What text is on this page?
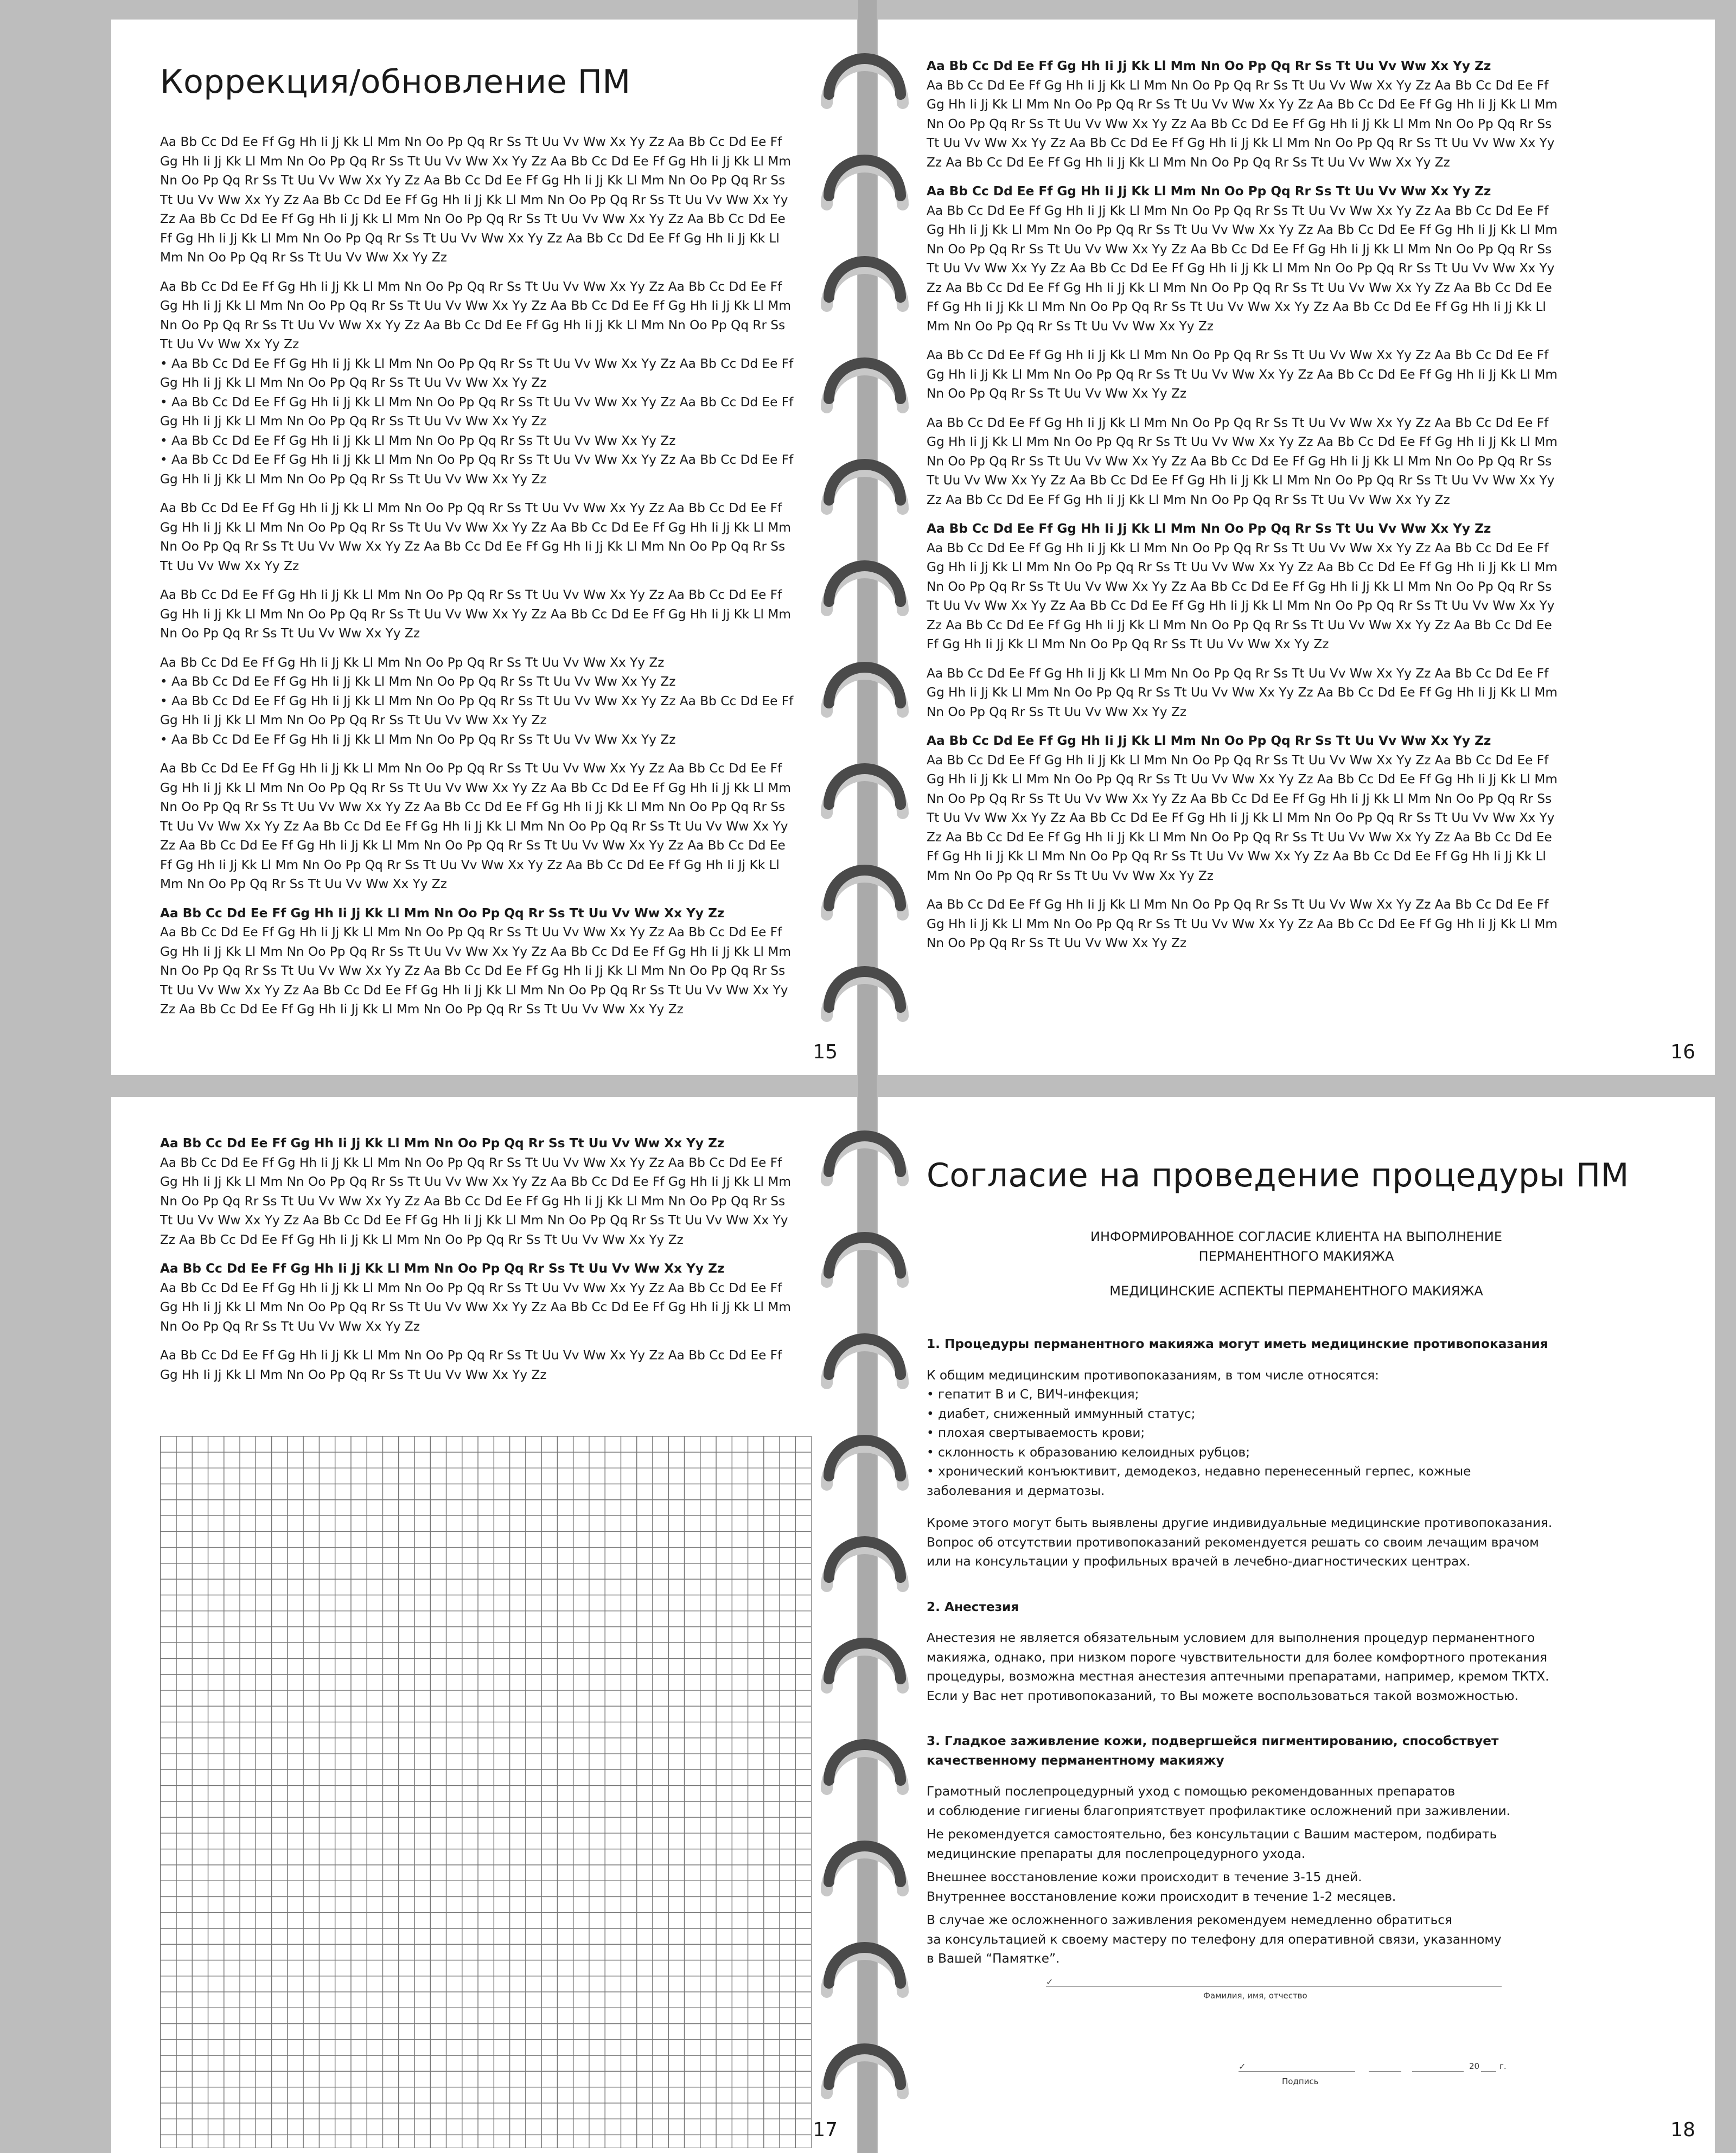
Коррекция/обновление ПМ

Aa Bb Cc Dd Ee Ff Gg Hh Ii Jj Kk Ll Mm Nn Oo Pp Qq Rr Ss Tt Uu Vv Ww Xx Yy Zz Aa Bb Cc Dd Ee Ff
Gg Hh Ii Jj Kk Ll Mm Nn Oo Pp Qq Rr Ss Tt Uu Vv Ww Xx Yy Zz Aa Bb Cc Dd Ee Ff Gg Hh Ii Jj Kk Ll Mm
Nn Oo Pp Qq Rr Ss Tt Uu Vv Ww Xx Yy Zz Aa Bb Cc Dd Ee Ff Gg Hh Ii Jj Kk Ll Mm Nn Oo Pp Qq Rr Ss
Tt Uu Vv Ww Xx Yy Zz Aa Bb Cc Dd Ee Ff Gg Hh Ii Jj Kk Ll Mm Nn Oo Pp Qq Rr Ss Tt Uu Vv Ww Xx Yy
Zz Aa Bb Cc Dd Ee Ff Gg Hh Ii Jj Kk Ll Mm Nn Oo Pp Qq Rr Ss Tt Uu Vv Ww Xx Yy Zz Aa Bb Cc Dd Ee
Ff Gg Hh Ii Jj Kk Ll Mm Nn Oo Pp Qq Rr Ss Tt Uu Vv Ww Xx Yy Zz Aa Bb Cc Dd Ee Ff Gg Hh Ii Jj Kk Ll
Mm Nn Oo Pp Qq Rr Ss Tt Uu Vv Ww Xx Yy Zz

Aa Bb Cc Dd Ee Ff Gg Hh Ii Jj Kk Ll Mm Nn Oo Pp Qq Rr Ss Tt Uu Vv Ww Xx Yy Zz Aa Bb Cc Dd Ee Ff
Gg Hh Ii Jj Kk Ll Mm Nn Oo Pp Qq Rr Ss Tt Uu Vv Ww Xx Yy Zz Aa Bb Cc Dd Ee Ff Gg Hh Ii Jj Kk Ll Mm
Nn Oo Pp Qq Rr Ss Tt Uu Vv Ww Xx Yy Zz Aa Bb Cc Dd Ee Ff Gg Hh Ii Jj Kk Ll Mm Nn Oo Pp Qq Rr Ss
Tt Uu Vv Ww Xx Yy Zz

• Aa Bb Cc Dd Ee Ff Gg Hh Ii Jj Kk Ll Mm Nn Oo Pp Qq Rr Ss Tt Uu Vv Ww Xx Yy Zz Aa Bb Cc Dd Ee Ff
Gg Hh Ii Jj Kk Ll Mm Nn Oo Pp Qq Rr Ss Tt Uu Vv Ww Xx Yy Zz
• Aa Bb Cc Dd Ee Ff Gg Hh Ii Jj Kk Ll Mm Nn Oo Pp Qq Rr Ss Tt Uu Vv Ww Xx Yy Zz Aa Bb Cc Dd Ee Ff
Gg Hh Ii Jj Kk Ll Mm Nn Oo Pp Qq Rr Ss Tt Uu Vv Ww Xx Yy Zz
• Aa Bb Cc Dd Ee Ff Gg Hh Ii Jj Kk Ll Mm Nn Oo Pp Qq Rr Ss Tt Uu Vv Ww Xx Yy Zz
• Aa Bb Cc Dd Ee Ff Gg Hh Ii Jj Kk Ll Mm Nn Oo Pp Qq Rr Ss Tt Uu Vv Ww Xx Yy Zz Aa Bb Cc Dd Ee Ff
Gg Hh Ii Jj Kk Ll Mm Nn Oo Pp Qq Rr Ss Tt Uu Vv Ww Xx Yy Zz

Aa Bb Cc Dd Ee Ff Gg Hh Ii Jj Kk Ll Mm Nn Oo Pp Qq Rr Ss Tt Uu Vv Ww Xx Yy Zz Aa Bb Cc Dd Ee Ff
Gg Hh Ii Jj Kk Ll Mm Nn Oo Pp Qq Rr Ss Tt Uu Vv Ww Xx Yy Zz Aa Bb Cc Dd Ee Ff Gg Hh Ii Jj Kk Ll Mm
Nn Oo Pp Qq Rr Ss Tt Uu Vv Ww Xx Yy Zz Aa Bb Cc Dd Ee Ff Gg Hh Ii Jj Kk Ll Mm Nn Oo Pp Qq Rr Ss
Tt Uu Vv Ww Xx Yy Zz

Aa Bb Cc Dd Ee Ff Gg Hh Ii Jj Kk Ll Mm Nn Oo Pp Qq Rr Ss Tt Uu Vv Ww Xx Yy Zz Aa Bb Cc Dd Ee Ff
Gg Hh Ii Jj Kk Ll Mm Nn Oo Pp Qq Rr Ss Tt Uu Vv Ww Xx Yy Zz Aa Bb Cc Dd Ee Ff Gg Hh Ii Jj Kk Ll Mm
Nn Oo Pp Qq Rr Ss Tt Uu Vv Ww Xx Yy Zz

Aa Bb Cc Dd Ee Ff Gg Hh Ii Jj Kk Ll Mm Nn Oo Pp Qq Rr Ss Tt Uu Vv Ww Xx Yy Zz
• Aa Bb Cc Dd Ee Ff Gg Hh Ii Jj Kk Ll Mm Nn Oo Pp Qq Rr Ss Tt Uu Vv Ww Xx Yy Zz
• Aa Bb Cc Dd Ee Ff Gg Hh Ii Jj Kk Ll Mm Nn Oo Pp Qq Rr Ss Tt Uu Vv Ww Xx Yy Zz Aa Bb Cc Dd Ee Ff
Gg Hh Ii Jj Kk Ll Mm Nn Oo Pp Qq Rr Ss Tt Uu Vv Ww Xx Yy Zz
• Aa Bb Cc Dd Ee Ff Gg Hh Ii Jj Kk Ll Mm Nn Oo Pp Qq Rr Ss Tt Uu Vv Ww Xx Yy Zz

Aa Bb Cc Dd Ee Ff Gg Hh Ii Jj Kk Ll Mm Nn Oo Pp Qq Rr Ss Tt Uu Vv Ww Xx Yy Zz Aa Bb Cc Dd Ee Ff
Gg Hh Ii Jj Kk Ll Mm Nn Oo Pp Qq Rr Ss Tt Uu Vv Ww Xx Yy Zz Aa Bb Cc Dd Ee Ff Gg Hh Ii Jj Kk Ll Mm
Nn Oo Pp Qq Rr Ss Tt Uu Vv Ww Xx Yy Zz Aa Bb Cc Dd Ee Ff Gg Hh Ii Jj Kk Ll Mm Nn Oo Pp Qq Rr Ss
Tt Uu Vv Ww Xx Yy Zz Aa Bb Cc Dd Ee Ff Gg Hh Ii Jj Kk Ll Mm Nn Oo Pp Qq Rr Ss Tt Uu Vv Ww Xx Yy
Zz Aa Bb Cc Dd Ee Ff Gg Hh Ii Jj Kk Ll Mm Nn Oo Pp Qq Rr Ss Tt Uu Vv Ww Xx Yy Zz Aa Bb Cc Dd Ee
Ff Gg Hh Ii Jj Kk Ll Mm Nn Oo Pp Qq Rr Ss Tt Uu Vv Ww Xx Yy Zz Aa Bb Cc Dd Ee Ff Gg Hh Ii Jj Kk Ll
Mm Nn Oo Pp Qq Rr Ss Tt Uu Vv Ww Xx Yy Zz

Aa Bb Cc Dd Ee Ff Gg Hh Ii Jj Kk Ll Mm Nn Oo Pp Qq Rr Ss Tt Uu Vv Ww Xx Yy Zz

Aa Bb Cc Dd Ee Ff Gg Hh Ii Jj Kk Ll Mm Nn Oo Pp Qq Rr Ss Tt Uu Vv Ww Xx Yy Zz Aa Bb Cc Dd Ee Ff
Gg Hh Ii Jj Kk Ll Mm Nn Oo Pp Qq Rr Ss Tt Uu Vv Ww Xx Yy Zz Aa Bb Cc Dd Ee Ff Gg Hh Ii Jj Kk Ll Mm
Nn Oo Pp Qq Rr Ss Tt Uu Vv Ww Xx Yy Zz Aa Bb Cc Dd Ee Ff Gg Hh Ii Jj Kk Ll Mm Nn Oo Pp Qq Rr Ss
Tt Uu Vv Ww Xx Yy Zz Aa Bb Cc Dd Ee Ff Gg Hh Ii Jj Kk Ll Mm Nn Oo Pp Qq Rr Ss Tt Uu Vv Ww Xx Yy
Zz Aa Bb Cc Dd Ee Ff Gg Hh Ii Jj Kk Ll Mm Nn Oo Pp Qq Rr Ss Tt Uu Vv Ww Xx Yy Zz

15

Aa Bb Cc Dd Ee Ff Gg Hh Ii Jj Kk Ll Mm Nn Oo Pp Qq Rr Ss Tt Uu Vv Ww Xx Yy Zz

Aa Bb Cc Dd Ee Ff Gg Hh Ii Jj Kk Ll Mm Nn Oo Pp Qq Rr Ss Tt Uu Vv Ww Xx Yy Zz Aa Bb Cc Dd Ee Ff
Gg Hh Ii Jj Kk Ll Mm Nn Oo Pp Qq Rr Ss Tt Uu Vv Ww Xx Yy Zz Aa Bb Cc Dd Ee Ff Gg Hh Ii Jj Kk Ll Mm
Nn Oo Pp Qq Rr Ss Tt Uu Vv Ww Xx Yy Zz Aa Bb Cc Dd Ee Ff Gg Hh Ii Jj Kk Ll Mm Nn Oo Pp Qq Rr Ss
Tt Uu Vv Ww Xx Yy Zz Aa Bb Cc Dd Ee Ff Gg Hh Ii Jj Kk Ll Mm Nn Oo Pp Qq Rr Ss Tt Uu Vv Ww Xx Yy
Zz Aa Bb Cc Dd Ee Ff Gg Hh Ii Jj Kk Ll Mm Nn Oo Pp Qq Rr Ss Tt Uu Vv Ww Xx Yy Zz

Aa Bb Cc Dd Ee Ff Gg Hh Ii Jj Kk Ll Mm Nn Oo Pp Qq Rr Ss Tt Uu Vv Ww Xx Yy Zz

Aa Bb Cc Dd Ee Ff Gg Hh Ii Jj Kk Ll Mm Nn Oo Pp Qq Rr Ss Tt Uu Vv Ww Xx Yy Zz Aa Bb Cc Dd Ee Ff
Gg Hh Ii Jj Kk Ll Mm Nn Oo Pp Qq Rr Ss Tt Uu Vv Ww Xx Yy Zz Aa Bb Cc Dd Ee Ff Gg Hh Ii Jj Kk Ll Mm
Nn Oo Pp Qq Rr Ss Tt Uu Vv Ww Xx Yy Zz Aa Bb Cc Dd Ee Ff Gg Hh Ii Jj Kk Ll Mm Nn Oo Pp Qq Rr Ss
Tt Uu Vv Ww Xx Yy Zz Aa Bb Cc Dd Ee Ff Gg Hh Ii Jj Kk Ll Mm Nn Oo Pp Qq Rr Ss Tt Uu Vv Ww Xx Yy
Zz Aa Bb Cc Dd Ee Ff Gg Hh Ii Jj Kk Ll Mm Nn Oo Pp Qq Rr Ss Tt Uu Vv Ww Xx Yy Zz Aa Bb Cc Dd Ee
Ff Gg Hh Ii Jj Kk Ll Mm Nn Oo Pp Qq Rr Ss Tt Uu Vv Ww Xx Yy Zz Aa Bb Cc Dd Ee Ff Gg Hh Ii Jj Kk Ll
Mm Nn Oo Pp Qq Rr Ss Tt Uu Vv Ww Xx Yy Zz

Aa Bb Cc Dd Ee Ff Gg Hh Ii Jj Kk Ll Mm Nn Oo Pp Qq Rr Ss Tt Uu Vv Ww Xx Yy Zz Aa Bb Cc Dd Ee Ff
Gg Hh Ii Jj Kk Ll Mm Nn Oo Pp Qq Rr Ss Tt Uu Vv Ww Xx Yy Zz Aa Bb Cc Dd Ee Ff Gg Hh Ii Jj Kk Ll Mm
Nn Oo Pp Qq Rr Ss Tt Uu Vv Ww Xx Yy Zz

Aa Bb Cc Dd Ee Ff Gg Hh Ii Jj Kk Ll Mm Nn Oo Pp Qq Rr Ss Tt Uu Vv Ww Xx Yy Zz Aa Bb Cc Dd Ee Ff
Gg Hh Ii Jj Kk Ll Mm Nn Oo Pp Qq Rr Ss Tt Uu Vv Ww Xx Yy Zz Aa Bb Cc Dd Ee Ff Gg Hh Ii Jj Kk Ll Mm
Nn Oo Pp Qq Rr Ss Tt Uu Vv Ww Xx Yy Zz Aa Bb Cc Dd Ee Ff Gg Hh Ii Jj Kk Ll Mm Nn Oo Pp Qq Rr Ss
Tt Uu Vv Ww Xx Yy Zz Aa Bb Cc Dd Ee Ff Gg Hh Ii Jj Kk Ll Mm Nn Oo Pp Qq Rr Ss Tt Uu Vv Ww Xx Yy
Zz Aa Bb Cc Dd Ee Ff Gg Hh Ii Jj Kk Ll Mm Nn Oo Pp Qq Rr Ss Tt Uu Vv Ww Xx Yy Zz

Aa Bb Cc Dd Ee Ff Gg Hh Ii Jj Kk Ll Mm Nn Oo Pp Qq Rr Ss Tt Uu Vv Ww Xx Yy Zz

Aa Bb Cc Dd Ee Ff Gg Hh Ii Jj Kk Ll Mm Nn Oo Pp Qq Rr Ss Tt Uu Vv Ww Xx Yy Zz Aa Bb Cc Dd Ee Ff
Gg Hh Ii Jj Kk Ll Mm Nn Oo Pp Qq Rr Ss Tt Uu Vv Ww Xx Yy Zz Aa Bb Cc Dd Ee Ff Gg Hh Ii Jj Kk Ll Mm
Nn Oo Pp Qq Rr Ss Tt Uu Vv Ww Xx Yy Zz Aa Bb Cc Dd Ee Ff Gg Hh Ii Jj Kk Ll Mm Nn Oo Pp Qq Rr Ss
Tt Uu Vv Ww Xx Yy Zz Aa Bb Cc Dd Ee Ff Gg Hh Ii Jj Kk Ll Mm Nn Oo Pp Qq Rr Ss Tt Uu Vv Ww Xx Yy
Zz Aa Bb Cc Dd Ee Ff Gg Hh Ii Jj Kk Ll Mm Nn Oo Pp Qq Rr Ss Tt Uu Vv Ww Xx Yy Zz Aa Bb Cc Dd Ee
Ff Gg Hh Ii Jj Kk Ll Mm Nn Oo Pp Qq Rr Ss Tt Uu Vv Ww Xx Yy Zz

Aa Bb Cc Dd Ee Ff Gg Hh Ii Jj Kk Ll Mm Nn Oo Pp Qq Rr Ss Tt Uu Vv Ww Xx Yy Zz Aa Bb Cc Dd Ee Ff
Gg Hh Ii Jj Kk Ll Mm Nn Oo Pp Qq Rr Ss Tt Uu Vv Ww Xx Yy Zz Aa Bb Cc Dd Ee Ff Gg Hh Ii Jj Kk Ll Mm
Nn Oo Pp Qq Rr Ss Tt Uu Vv Ww Xx Yy Zz

Aa Bb Cc Dd Ee Ff Gg Hh Ii Jj Kk Ll Mm Nn Oo Pp Qq Rr Ss Tt Uu Vv Ww Xx Yy Zz

Aa Bb Cc Dd Ee Ff Gg Hh Ii Jj Kk Ll Mm Nn Oo Pp Qq Rr Ss Tt Uu Vv Ww Xx Yy Zz Aa Bb Cc Dd Ee Ff
Gg Hh Ii Jj Kk Ll Mm Nn Oo Pp Qq Rr Ss Tt Uu Vv Ww Xx Yy Zz Aa Bb Cc Dd Ee Ff Gg Hh Ii Jj Kk Ll Mm
Nn Oo Pp Qq Rr Ss Tt Uu Vv Ww Xx Yy Zz Aa Bb Cc Dd Ee Ff Gg Hh Ii Jj Kk Ll Mm Nn Oo Pp Qq Rr Ss
Tt Uu Vv Ww Xx Yy Zz Aa Bb Cc Dd Ee Ff Gg Hh Ii Jj Kk Ll Mm Nn Oo Pp Qq Rr Ss Tt Uu Vv Ww Xx Yy
Zz Aa Bb Cc Dd Ee Ff Gg Hh Ii Jj Kk Ll Mm Nn Oo Pp Qq Rr Ss Tt Uu Vv Ww Xx Yy Zz Aa Bb Cc Dd Ee
Ff Gg Hh Ii Jj Kk Ll Mm Nn Oo Pp Qq Rr Ss Tt Uu Vv Ww Xx Yy Zz Aa Bb Cc Dd Ee Ff Gg Hh Ii Jj Kk Ll
Mm Nn Oo Pp Qq Rr Ss Tt Uu Vv Ww Xx Yy Zz

Aa Bb Cc Dd Ee Ff Gg Hh Ii Jj Kk Ll Mm Nn Oo Pp Qq Rr Ss Tt Uu Vv Ww Xx Yy Zz Aa Bb Cc Dd Ee Ff
Gg Hh Ii Jj Kk Ll Mm Nn Oo Pp Qq Rr Ss Tt Uu Vv Ww Xx Yy Zz Aa Bb Cc Dd Ee Ff Gg Hh Ii Jj Kk Ll Mm
Nn Oo Pp Qq Rr Ss Tt Uu Vv Ww Xx Yy Zz

16

Aa Bb Cc Dd Ee Ff Gg Hh Ii Jj Kk Ll Mm Nn Oo Pp Qq Rr Ss Tt Uu Vv Ww Xx Yy Zz

Aa Bb Cc Dd Ee Ff Gg Hh Ii Jj Kk Ll Mm Nn Oo Pp Qq Rr Ss Tt Uu Vv Ww Xx Yy Zz Aa Bb Cc Dd Ee Ff
Gg Hh Ii Jj Kk Ll Mm Nn Oo Pp Qq Rr Ss Tt Uu Vv Ww Xx Yy Zz Aa Bb Cc Dd Ee Ff Gg Hh Ii Jj Kk Ll Mm
Nn Oo Pp Qq Rr Ss Tt Uu Vv Ww Xx Yy Zz Aa Bb Cc Dd Ee Ff Gg Hh Ii Jj Kk Ll Mm Nn Oo Pp Qq Rr Ss
Tt Uu Vv Ww Xx Yy Zz Aa Bb Cc Dd Ee Ff Gg Hh Ii Jj Kk Ll Mm Nn Oo Pp Qq Rr Ss Tt Uu Vv Ww Xx Yy
Zz Aa Bb Cc Dd Ee Ff Gg Hh Ii Jj Kk Ll Mm Nn Oo Pp Qq Rr Ss Tt Uu Vv Ww Xx Yy Zz

Aa Bb Cc Dd Ee Ff Gg Hh Ii Jj Kk Ll Mm Nn Oo Pp Qq Rr Ss Tt Uu Vv Ww Xx Yy Zz

Aa Bb Cc Dd Ee Ff Gg Hh Ii Jj Kk Ll Mm Nn Oo Pp Qq Rr Ss Tt Uu Vv Ww Xx Yy Zz Aa Bb Cc Dd Ee Ff
Gg Hh Ii Jj Kk Ll Mm Nn Oo Pp Qq Rr Ss Tt Uu Vv Ww Xx Yy Zz Aa Bb Cc Dd Ee Ff Gg Hh Ii Jj Kk Ll Mm
Nn Oo Pp Qq Rr Ss Tt Uu Vv Ww Xx Yy Zz

Aa Bb Cc Dd Ee Ff Gg Hh Ii Jj Kk Ll Mm Nn Oo Pp Qq Rr Ss Tt Uu Vv Ww Xx Yy Zz Aa Bb Cc Dd Ee Ff
Gg Hh Ii Jj Kk Ll Mm Nn Oo Pp Qq Rr Ss Tt Uu Vv Ww Xx Yy Zz

17
Согласие на проведение процедуры ПМ

ИНФОРМИРОВАННОЕ СОГЛАСИЕ КЛИЕНТА НА ВЫПОЛНЕНИЕ
ПЕРМАНЕНТНОГО МАКИЯЖА

МЕДИЦИНСКИЕ АСПЕКТЫ ПЕРМАНЕНТНОГО МАКИЯЖА

1. Процедуры перманентного макияжа могут иметь медицинские противопоказания

К общим медицинским противопоказаниям, в том числе относятся:

• гепатит В и С, ВИЧ-инфекция;
• диабет, сниженный иммунный статус;
• плохая свертываемость крови;
• склонность к образованию келоидных рубцов;
• хронический конъюктивит, демодекоз, недавно перенесенный герпес, кожные
заболевания и дерматозы.

Кроме этого могут быть выявлены другие индивидуальные медицинские противопоказания.
Вопрос об отсутствии противопоказаний рекомендуется решать со своим лечащим врачом
или на консультации у профильных врачей в лечебно-диагностических центрах.

2. Анестезия

Анестезия не является обязательным условием для выполнения процедур перманентного
макияжа, однако, при низком пороге чувствительности для более комфортного протекания
процедуры, возможна местная анестезия аптечными препаратами, например, кремом ТКТХ.
Если у Вас нет противопоказаний, то Вы можете воспользоваться такой возможностью.

3. Гладкое заживление кожи, подвергшейся пигментированию, способствует
качественному перманентному макияжу

Грамотный послепроцедурный уход с помощью рекомендованных препаратов
и соблюдение гигиены благоприятствует профилактике осложнений при заживлении.

Не рекомендуется самостоятельно, без консультации с Вашим мастером, подбирать
медицинские препараты для послепроцедурного ухода.

Внешнее восстановление кожи происходит в течение 3-15 дней.
Внутреннее восстановление кожи происходит в течение 1-2 месяцев.

В случае же осложненного заживления рекомендуем немедленно обратиться
за консультацией к своему мастеру по телефону для оперативной связи, указанному
в Вашей “Памятке”.

✓
Фамилия, имя, отчество
✓	20 г.
Подпись
18
